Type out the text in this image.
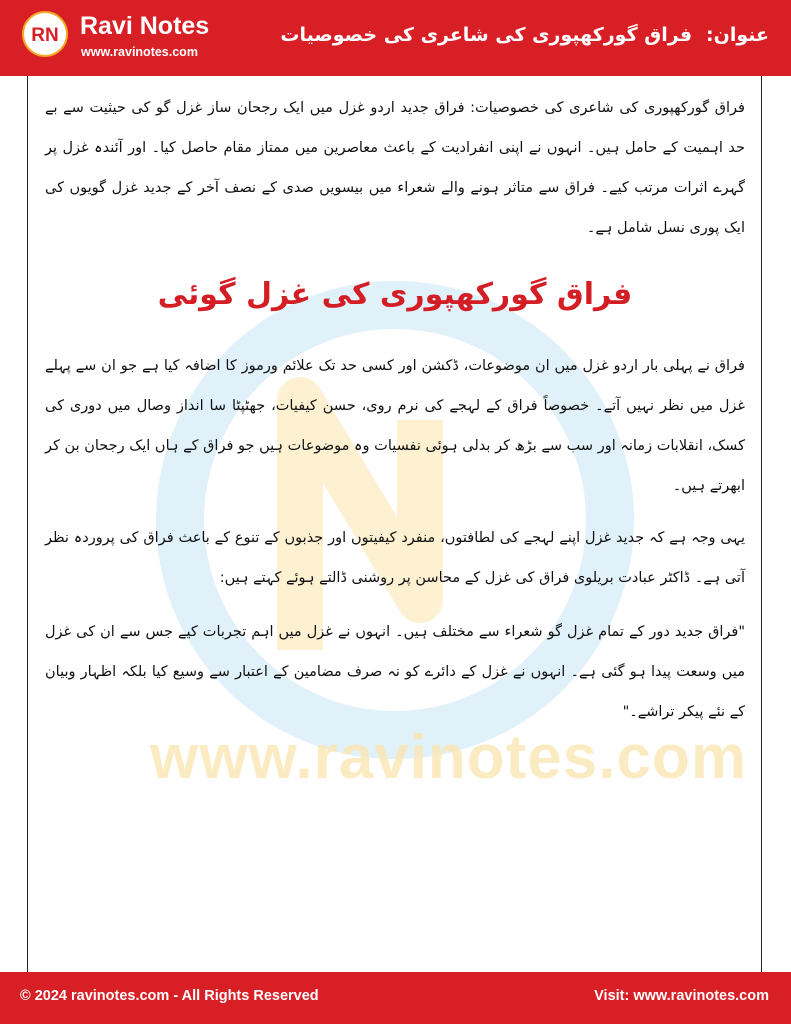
RN Ravi Notes
www.ravinotes.com
عنوان:فراق گورکھپوری کی شاعری کی خصوصیات
www.ravinotes.com

فراق گورکھپوری کی شاعری کی خصوصیات: فراق جدید اردو غزل میں ایک رجحان ساز غزل گو کی حیثیت سے بے حد اہمیت کے حامل ہیں۔ انہوں نے اپنی انفرادیت کے باعث معاصرین میں ممتاز مقام حاصل کیا۔ اور آئندہ غزل پر گہرے اثرات مرتب کیے۔ فراق سے متاثر ہونے والے شعراء میں بیسویں صدی کے نصف آخر کے جدید غزل گویوں کی ایک پوری نسل شامل ہے۔

فراق گورکھپوری کی غزل گوئی

فراق نے پہلی بار اردو غزل میں ان موضوعات، ڈکشن اور کسی حد تک علائم ورموز کا اضافہ کیا ہے جو ان سے پہلے غزل میں نظر نہیں آتے۔ خصوصاً فراق کے لہجے کی نرم روی، حسن کیفیات، جھٹپٹا سا انداز وصال میں دوری کی کسک، انقلابات زمانہ اور سب سے بڑھ کر بدلی ہوئی نفسیات وہ موضوعات ہیں جو فراق کے ہاں ایک رجحان بن کر ابھرتے ہیں۔

یہی وجہ ہے کہ جدید غزل اپنے لہجے کی لطافتوں، منفرد کیفیتوں اور جذبوں کے تنوع کے باعث فراق کی پروردہ نظر آتی ہے۔ ڈاکٹر عبادت بریلوی فراق کی غزل کے محاسن پر روشنی ڈالتے ہوئے کہتے ہیں:

"فراق جدید دور کے تمام غزل گو شعراء سے مختلف ہیں۔ انہوں نے غزل میں اہم تجربات کیے جس سے ان کی غزل میں وسعت پیدا ہو گئی ہے۔ انہوں نے غزل کے دائرے کو نہ صرف مضامین کے اعتبار سے وسیع کیا بلکہ اظہار وبیان کے نئے پیکر تراشے۔"

© 2024 ravinotes.com - All Rights Reserved	Visit: www.ravinotes.com
